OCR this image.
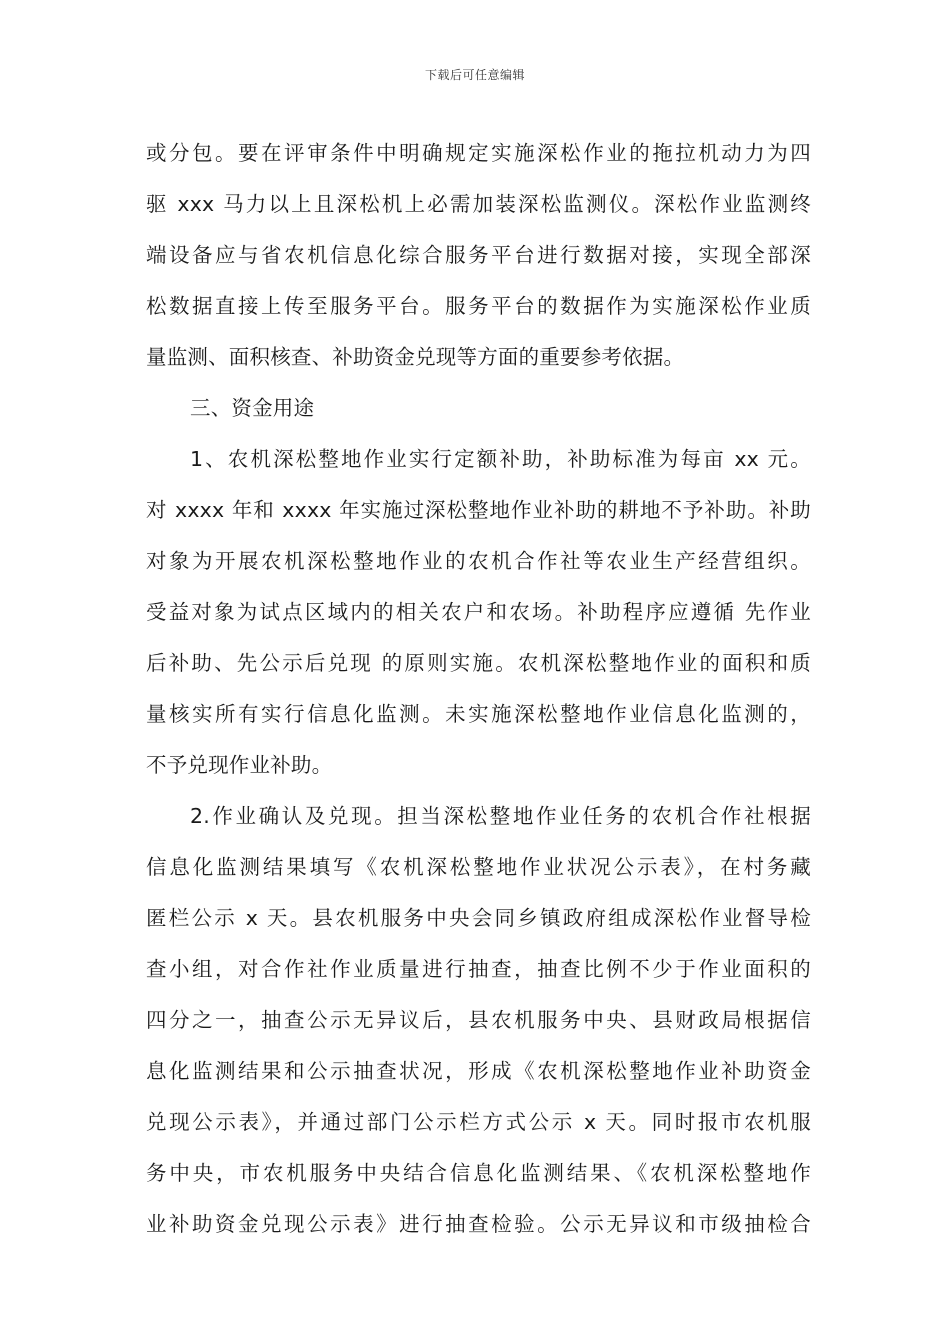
下载后可任意编辑
或分包。要在评审条件中明确规定实施深松作业的拖拉机动力为四
驱 xxx 马力以上且深松机上必需加装深松监测仪。深松作业监测终
端设备应与省农机信息化综合服务平台进行数据对接，实现全部深
松数据直接上传至服务平台。服务平台的数据作为实施深松作业质
量监测、面积核查、补助资金兑现等方面的重要参考依据。
三、资金用途
1、农机深松整地作业实行定额补助，补助标准为每亩 xx 元。
对 xxxx 年和 xxxx 年实施过深松整地作业补助的耕地不予补助。补助
对象为开展农机深松整地作业的农机合作社等农业生产经营组织。
受益对象为试点区域内的相关农户和农场。补助程序应遵循 先作业
后补助、先公示后兑现 的原则实施。农机深松整地作业的面积和质
量核实所有实行信息化监测。未实施深松整地作业信息化监测的，
不予兑现作业补助。
2.作业确认及兑现。担当深松整地作业任务的农机合作社根据
信息化监测结果填写《农机深松整地作业状况公示表》，在村务藏
匿栏公示 x 天。县农机服务中央会同乡镇政府组成深松作业督导检
查小组，对合作社作业质量进行抽查，抽查比例不少于作业面积的
四分之一，抽查公示无异议后，县农机服务中央、县财政局根据信
息化监测结果和公示抽查状况，形成《农机深松整地作业补助资金
兑现公示表》，并通过部门公示栏方式公示 x 天。同时报市农机服
务中央，市农机服务中央结合信息化监测结果、《农机深松整地作
业补助资金兑现公示表》进行抽查检验。公示无异议和市级抽检合
